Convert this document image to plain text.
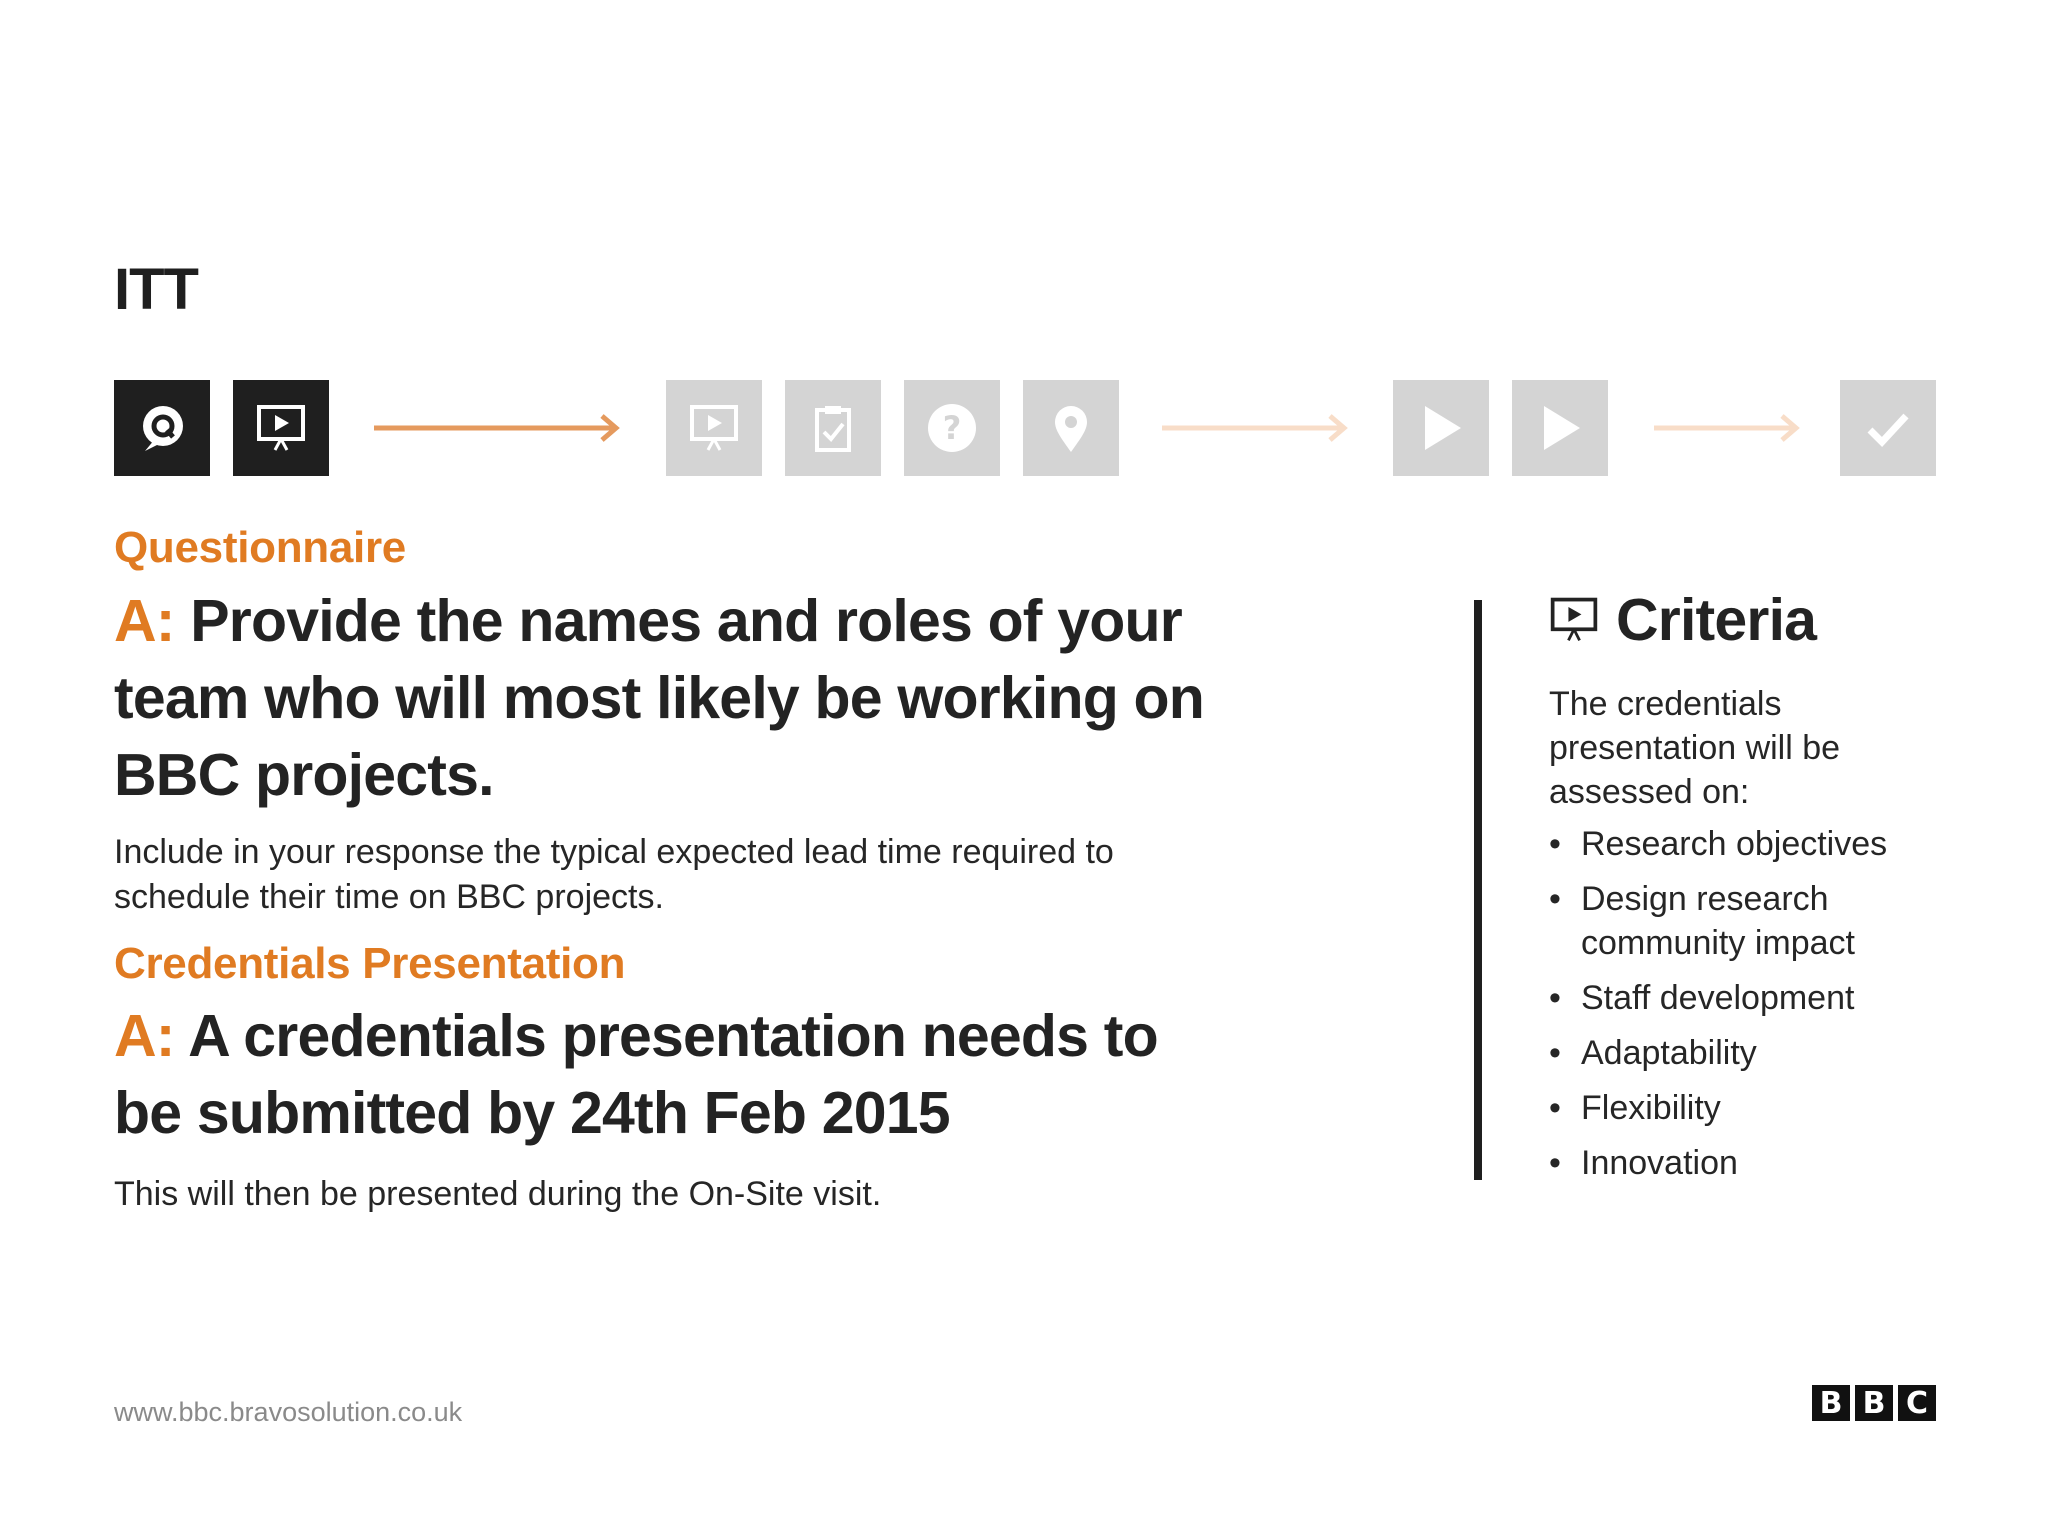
ITT
?
Questionnaire
A: Provide the names and roles of your team who will most likely be working on BBC projects.
Include in your response the typical expected lead time required to schedule their time on BBC projects.
Credentials Presentation
A: A credentials presentation needs to be submitted by 24th Feb 2015
This will then be presented during the On-Site visit.
Criteria
The credentials presentation will be assessed on:
• Research objectives
• Design research community impact
• Staff development
• Adaptability
• Flexibility
• Innovation
www.bbc.bravosolution.co.uk	B B C
